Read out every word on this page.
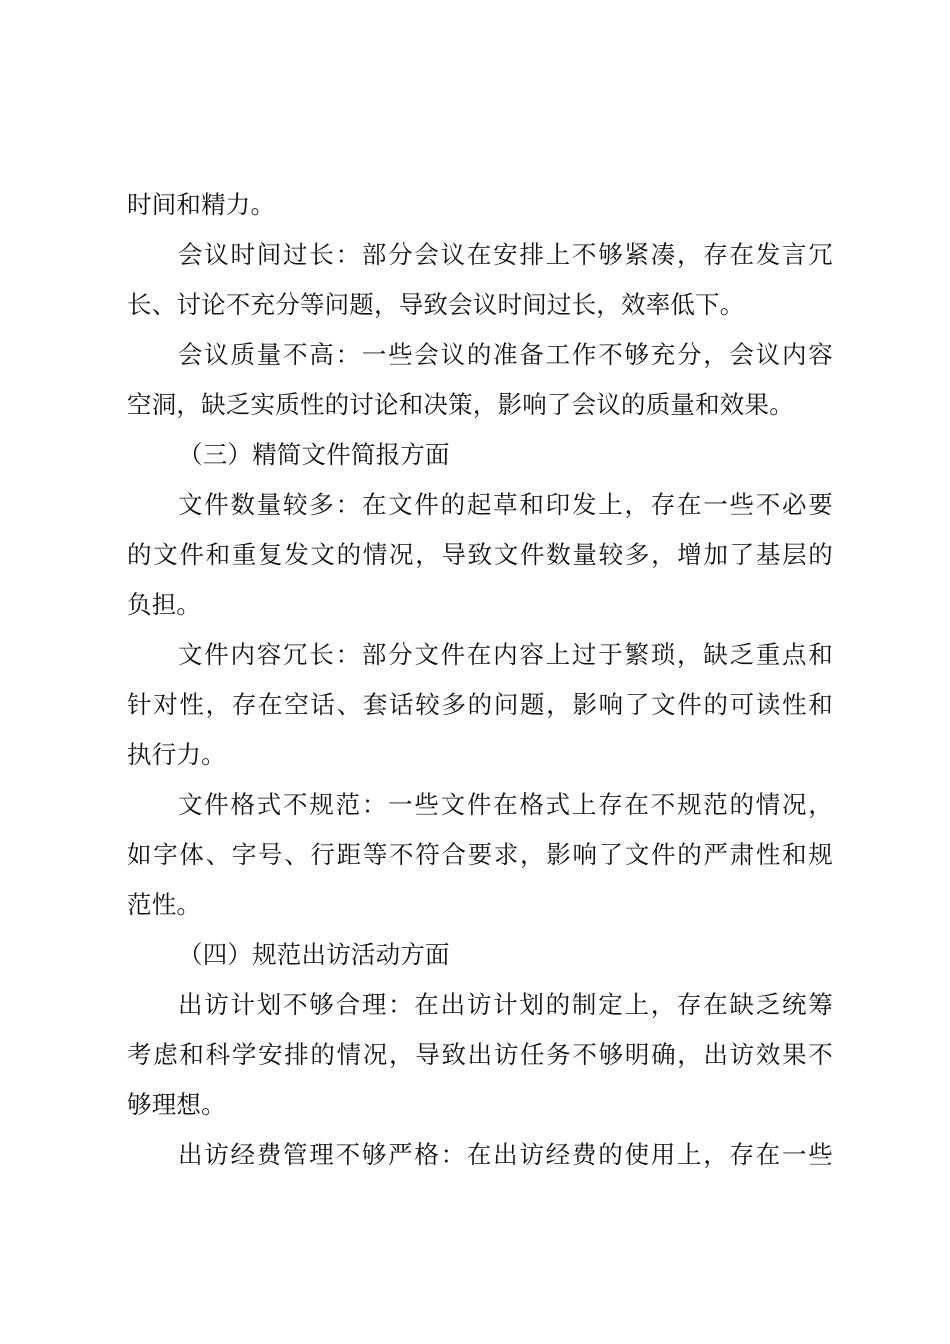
时间和精力。
会议时间过长：部分会议在安排上不够紧凑，存在发言冗
长、讨论不充分等问题，导致会议时间过长，效率低下。
会议质量不高：一些会议的准备工作不够充分，会议内容
空洞，缺乏实质性的讨论和决策，影响了会议的质量和效果。
（三）精简文件简报方面
文件数量较多：在文件的起草和印发上，存在一些不必要
的文件和重复发文的情况，导致文件数量较多，增加了基层的
负担。
文件内容冗长：部分文件在内容上过于繁琐，缺乏重点和
针对性，存在空话、套话较多的问题，影响了文件的可读性和
执行力。
文件格式不规范：一些文件在格式上存在不规范的情况，
如字体、字号、行距等不符合要求，影响了文件的严肃性和规
范性。
（四）规范出访活动方面
出访计划不够合理：在出访计划的制定上，存在缺乏统筹
考虑和科学安排的情况，导致出访任务不够明确，出访效果不
够理想。
出访经费管理不够严格：在出访经费的使用上，存在一些
